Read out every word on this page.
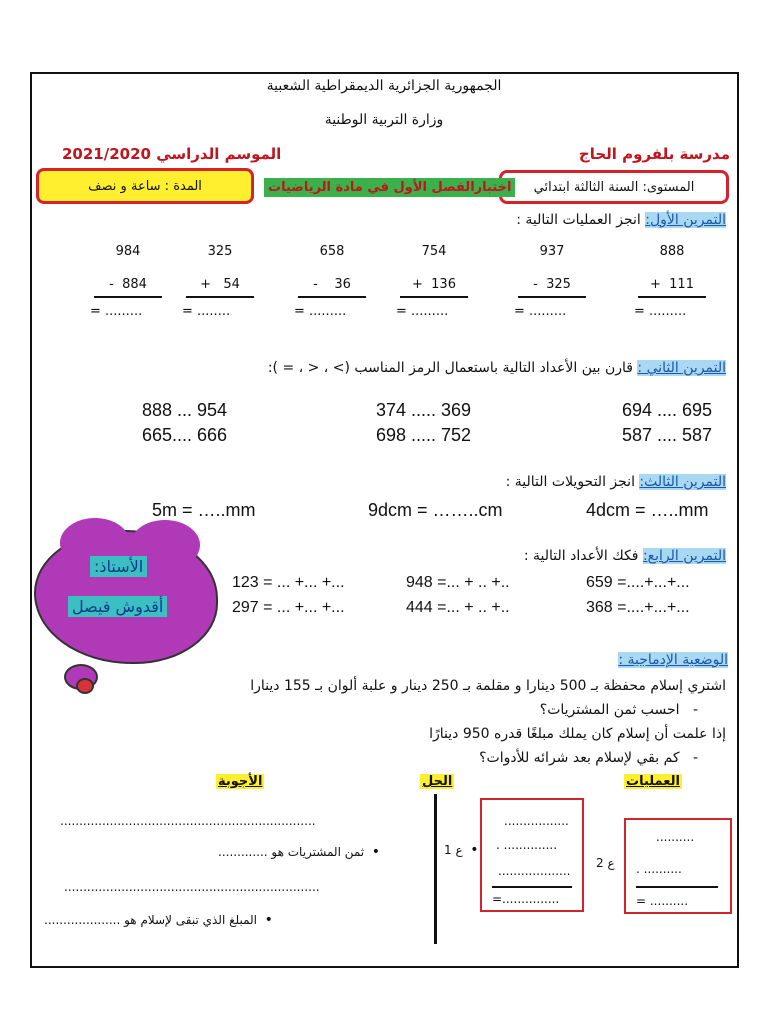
الجمهورية الجزائرية الديمقراطية الشعبية
وزارة التربية الوطنية
مدرسة بلفروم الحاج
الموسم الدراسي 2021/2020
المستوى: السنة الثالثة ابتدائي
اختبارالفصل الأول في مادة الرياضيات
المدة : ساعة و نصف
التمرين الأول: انجز العمليات التالية :
984
-  884
= .........
325
+   54
= ........
658
-    36
= .........
754
+  136
= .........
937
-  325
= .........
888
+  111
= .........
التمرين الثاني : قارن بين الأعداد التالية باستعمال الرمز المناسب (> ، < ، = ):
888 ... 954	374 ..... 369	694 .... 695
665.... 666	698 ..... 752	587 .... 587
التمرين الثالث: انجز التحويلات التالية :
5m = …..mm	9dcm = ……..cm	4dcm = …..mm
التمرين الرابع: فكك الأعداد التالية :
123 = ... +... +...	948 =... + .. +..	659 =....+...+...
297 = ... +... +...	444 =... + .. +..	368 =....+...+...
الأستاذ:
أقدوش فيصل
الوضعية الإدماجية :
اشتري إسلام محفظة بـ 500 دينارا و مقلمة بـ 250 دينار و علبة ألوان بـ 155 دينارا
-   احسب ثمن المشتريات؟
إذا علمت أن إسلام كان يملك مبلغًا قدره 950 دينارًا
-   كم بقي لإسلام بعد شرائه للأدوات؟
العمليات
الحل
الأجوبة
...................................................................
•  ثمن المشتريات هو .............
...................................................................
•  المبلغ الذي تبقى لإسلام هو ....................
•  ع 1
.................
. ..............
...................
=...............
ع 2
..........
. ..........
= ..........
